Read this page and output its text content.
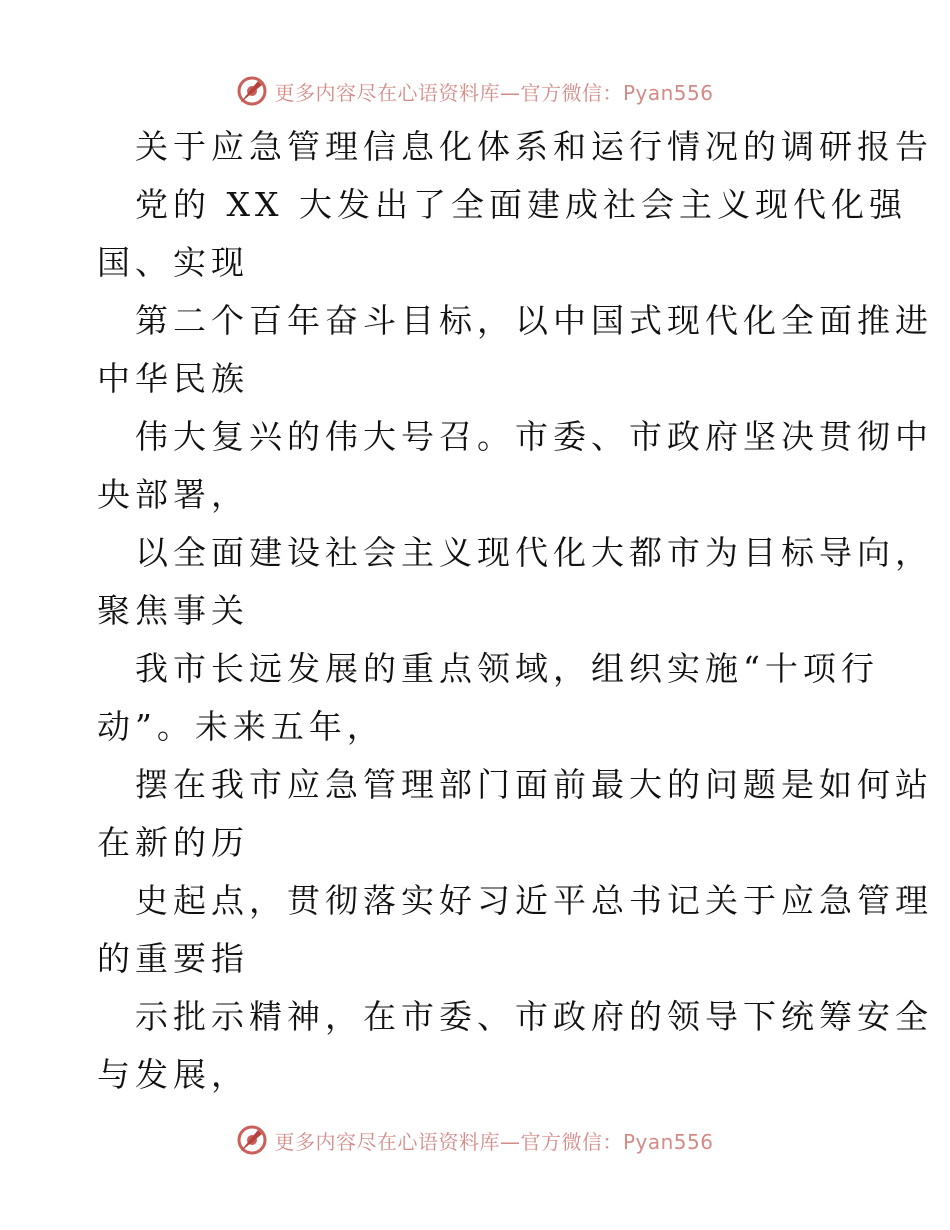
更多内容尽在心语资料库—官方微信：Pyan556
关于应急管理信息化体系和运行情况的调研报告
党的 XX 大发出了全面建成社会主义现代化强
国、实现
第二个百年奋斗目标，以中国式现代化全面推进
中华民族
伟大复兴的伟大号召。市委、市政府坚决贯彻中
央部署，
以全面建设社会主义现代化大都市为目标导向，
聚焦事关
我市长远发展的重点领域，组织实施“十项行
动”。未来五年，
摆在我市应急管理部门面前最大的问题是如何站
在新的历
史起点，贯彻落实好习近平总书记关于应急管理
的重要指
示批示精神，在市委、市政府的领导下统筹安全
与发展，
更多内容尽在心语资料库—官方微信：Pyan556
